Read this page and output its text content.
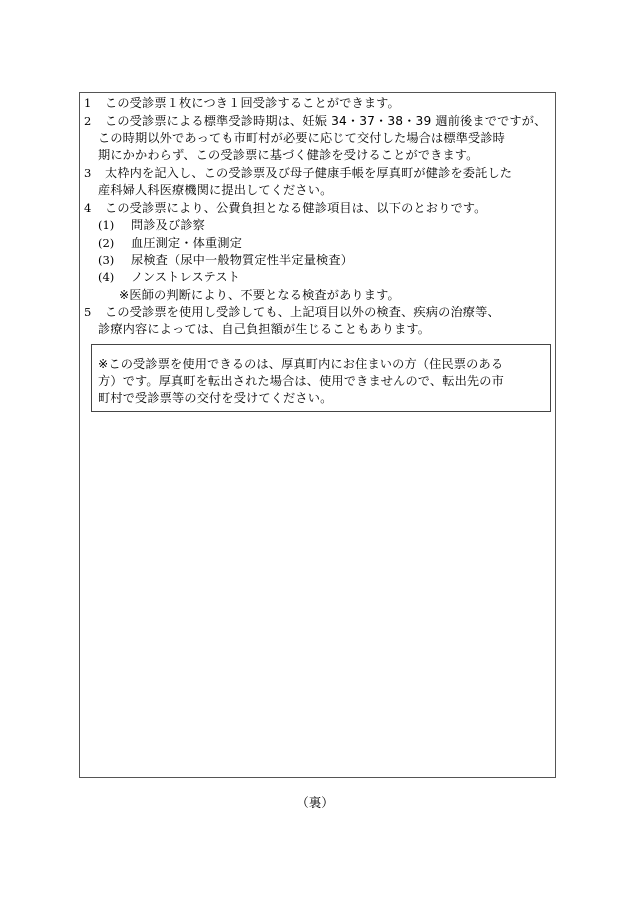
1 この受診票１枚につき１回受診することができます。
2 この受診票による標準受診時期は、妊娠 34・37・38・39 週前後までですが、
この時期以外であっても市町村が必要に応じて交付した場合は標準受診時
期にかかわらず、この受診票に基づく健診を受けることができます。
3 太枠内を記入し、この受診票及び母子健康手帳を厚真町が健診を委託した
産科婦人科医療機関に提出してください。
4 この受診票により、公費負担となる健診項目は、以下のとおりです。
(1) 問診及び診察
(2) 血圧測定・体重測定
(3) 尿検査（尿中一般物質定性半定量検査）
(4) ノンストレステスト
※医師の判断により、不要となる検査があります。
5 この受診票を使用し受診しても、上記項目以外の検査、疾病の治療等、
診療内容によっては、自己負担額が生じることもあります。
※この受診票を使用できるのは、厚真町内にお住まいの方（住民票のある
方）です。厚真町を転出された場合は、使用できませんので、転出先の市
町村で受診票等の交付を受けてください。
（裏）
